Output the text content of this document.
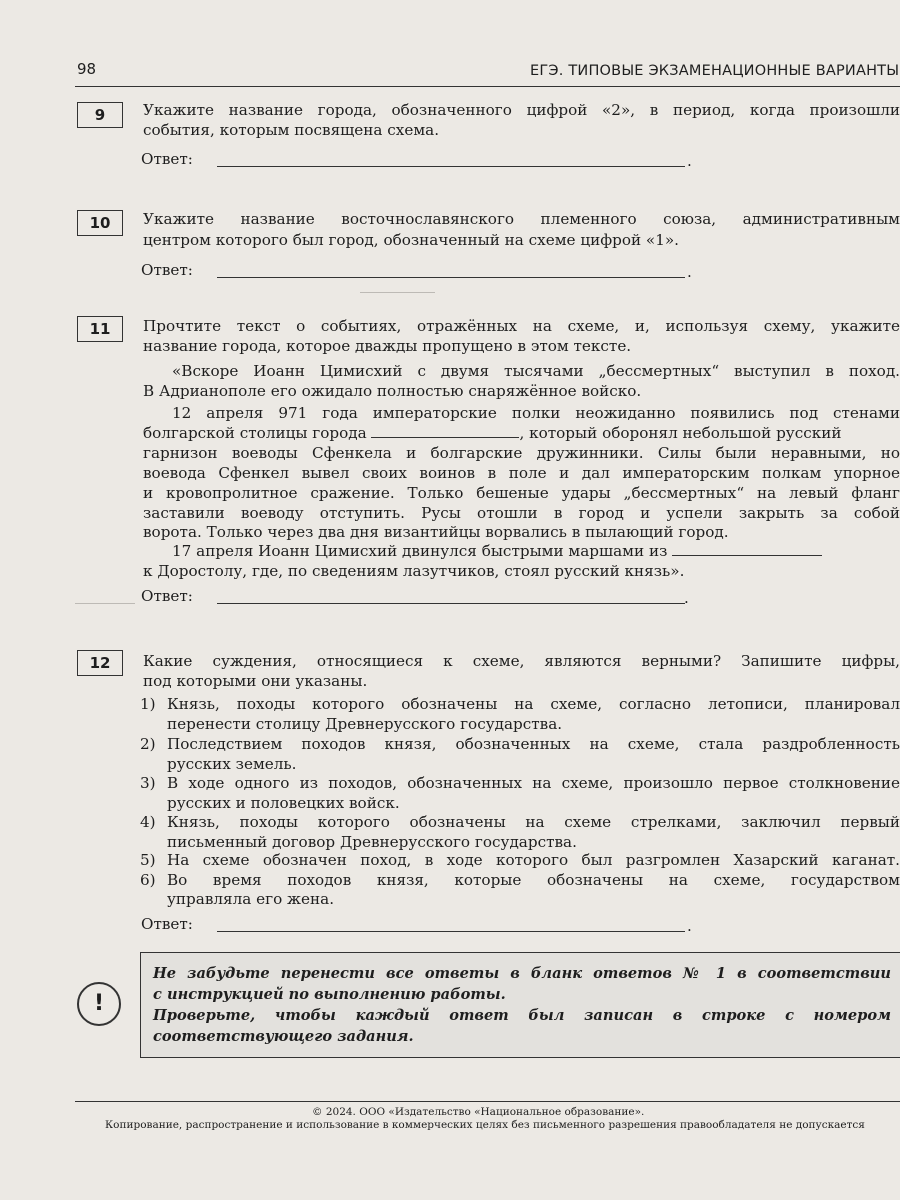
98	ЕГЭ. ТИПОВЫЕ ЭКЗАМЕНАЦИОННЫЕ ВАРИАНТЫ
9	Укажите название города, обозначенного цифрой «2», в период, когда произошли
события, которым посвящена схема.
Ответ:	.
10	Укажите название восточнославянского племенного союза, административным
центром которого был город, обозначенный на схеме цифрой «1».
Ответ:	.
11	Прочтите текст о событиях, отражённых на схеме, и, используя схему, укажите
название города, которое дважды пропущено в этом тексте.
«Вскоре Иоанн Цимисхий с двумя тысячами „бессмертных“ выступил в поход.
В Адрианополе его ожидало полностью снаряжённое войско.
12 апреля 971 года императорские полки неожиданно появились под стенами
болгарской столицы города	, который оборонял небольшой русский
гарнизон воеводы Сфенкела и болгарские дружинники. Силы были неравными, но
воевода Сфенкел вывел своих воинов в поле и дал императорским полкам упорное
и кровопролитное сражение. Только бешеные удары „бессмертных“ на левый фланг
заставили воеводу отступить. Русы отошли в город и успели закрыть за собой
ворота. Только через два дня византийцы ворвались в пылающий город.
17 апреля Иоанн Цимисхий двинулся быстрыми маршами из
к Доростолу, где, по сведениям лазутчиков, стоял русский князь».
Ответ:	.
12	Какие суждения, относящиеся к схеме, являются верными? Запишите цифры,
под которыми они указаны.
1) Князь, походы которого обозначены на схеме, согласно летописи, планировал
перенести столицу Древнерусского государства.
2) Последствием походов князя, обозначенных на схеме, стала раздробленность
русских земель.
3) В ходе одного из походов, обозначенных на схеме, произошло первое столкновение
русских и половецких войск.
4) Князь, походы которого обозначены на схеме стрелками, заключил первый
письменный договор Древнерусского государства.
5) На схеме обозначен поход, в ходе которого был разгромлен Хазарский каганат.
6) Во время походов князя, которые обозначены на схеме, государством
управляла его жена.
Ответ:	.
!
Не забудьте перенести все ответы в бланк ответов № 1 в соответствии
с инструкцией по выполнению работы.
Проверьте, чтобы каждый ответ был записан в строке с номером
соответствующего задания.
© 2024. ООО «Издательство «Национальное образование».
Копирование, распространение и использование в коммерческих целях без письменного разрешения правообладателя не допускается
